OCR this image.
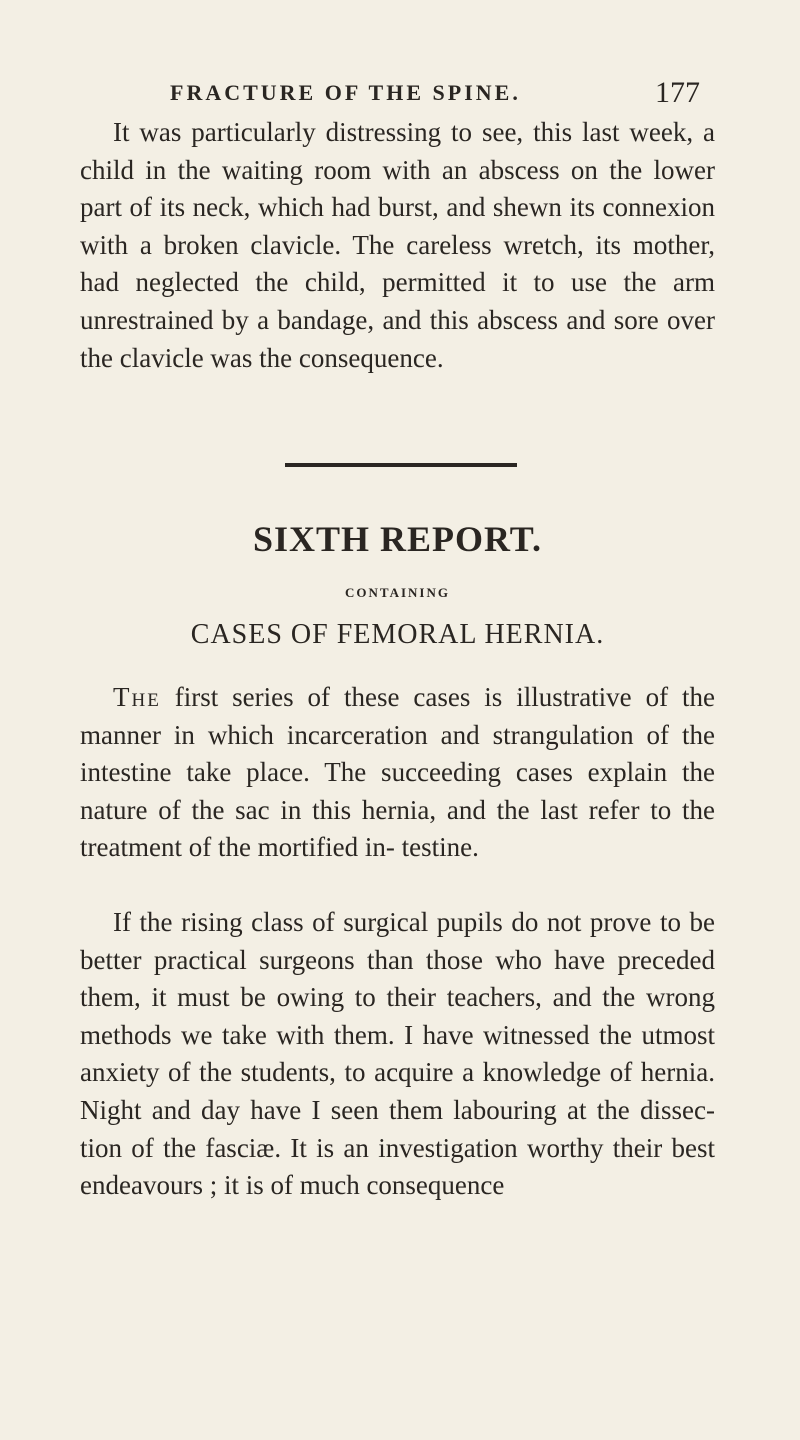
FRACTURE OF THE SPINE.	177

It was particularly distressing to see, this last week, a child in the waiting room with an abscess on the lower part of its neck, which had burst, and shewn its connexion with a broken clavicle. The careless wretch, its mother, had neglected the child, permitted it to use the arm unrestrained by a bandage, and this abscess and sore over the clavicle was the consequence.

SIXTH REPORT.
CONTAINING
CASES OF FEMORAL HERNIA.

The first series of these cases is illustrative of the manner in which incarceration and strangulation of the intestine take place. The succeeding cases explain the nature of the sac in this hernia, and the last refer to the treatment of the mortified in- testine.

If the rising class of surgical pupils do not prove to be better practical surgeons than those who have preceded them, it must be owing to their teachers, and the wrong methods we take with them. I have witnessed the utmost anxiety of the students, to acquire a knowledge of hernia. Night and day have I seen them labouring at the dissec- tion of the fasciæ. It is an investigation worthy their best endeavours ; it is of much consequence
